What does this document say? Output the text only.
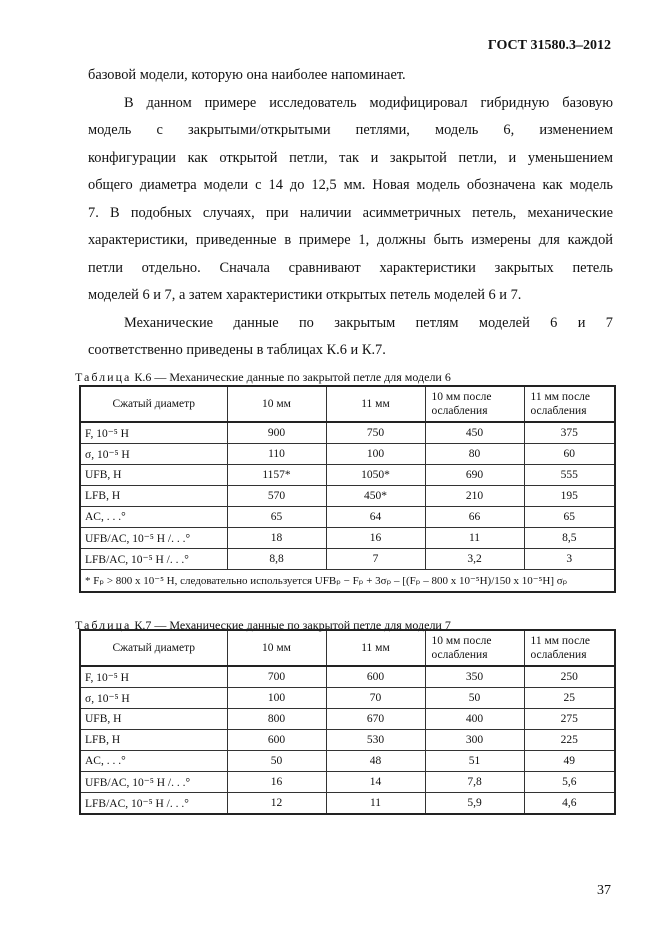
ГОСТ 31580.3–2012

базовой модели, которую она наиболее напоминает.

В данном примере исследователь модифицировал гибридную базовую

модель с закрытыми/открытыми петлями, модель 6, изменением

конфигурации как открытой петли, так и закрытой петли, и уменьшением

общего диаметра модели с 14 до 12,5 мм. Новая модель обозначена как модель

7. В подобных случаях, при наличии асимметричных петель, механические

характеристики, приведенные в примере 1, должны быть измерены для каждой

петли отдельно. Сначала сравнивают характеристики закрытых петель

моделей 6 и 7, а затем характеристики открытых петель моделей 6 и 7.

Механические данные по закрытым петлям моделей 6 и 7

соответственно приведены в таблицах К.6 и К.7.

Таблица К.6 — Механические данные по закрытой петле для модели 6
Сжатый диаметр	10 мм	11 мм	10 мм после ослабления	11 мм после ослабления
F, 10⁻⁵ Н	900	750	450	375
σ, 10⁻⁵ Н	110	100	80	60
UFB, Н	1157*	1050*	690	555
LFB, Н	570	450*	210	195
AC, . . .°	65	64	66	65
UFB/AC, 10⁻⁵ Н /. . .°	18	16	11	8,5
LFB/AC, 10⁻⁵ Н /. . .°	8,8	7	3,2	3
* Fₚ > 800 х 10⁻⁵ Н, следовательно используется UFBₚ − Fₚ + 3σₚ – [(Fₚ – 800 х 10⁻⁵Н)/150 х 10⁻⁵Н] σₚ				
Таблица К.7 — Механические данные по закрытой петле для модели 7
Сжатый диаметр	10 мм	11 мм	10 мм после ослабления	11 мм после ослабления
F, 10⁻⁵ Н	700	600	350	250
σ, 10⁻⁵ Н	100	70	50	25
UFB, Н	800	670	400	275
LFB, Н	600	530	300	225
AC, . . .°	50	48	51	49
UFB/AC, 10⁻⁵ Н /. . .°	16	14	7,8	5,6
LFB/AC, 10⁻⁵ Н /. . .°	12	11	5,9	4,6
37
